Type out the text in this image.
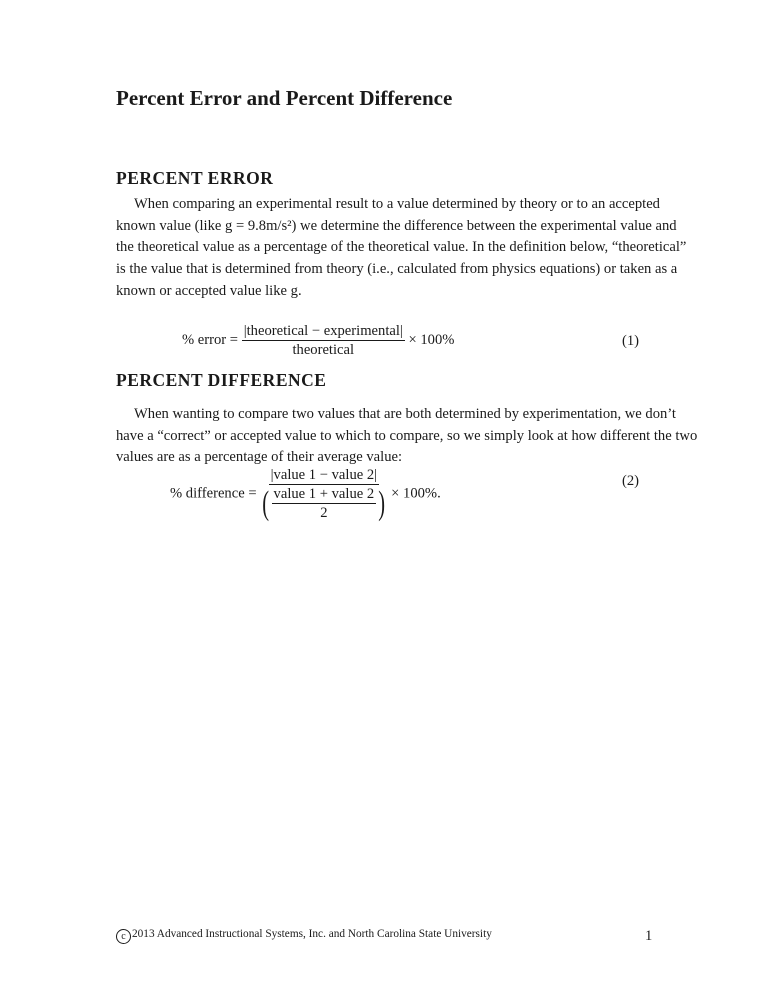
Percent Error and Percent Difference
PERCENT ERROR
When comparing an experimental result to a value determined by theory or to an accepted
known value (like g = 9.8m/s²) we determine the difference between the experimental value and
the theoretical value as a percentage of the theoretical value. In the definition below, “theoretical”
is the value that is determined from theory (i.e., calculated from physics equations) or taken as a
known or accepted value like g.
% error = $\frac{\text{|theoretical − experimental|}}{\text{theoretical}} \times 100\%$	(1)
PERCENT DIFFERENCE
When wanting to compare two values that are both determined by experimentation, we don’t
have a “correct” or accepted value to which to compare, so we simply look at how different the two
values are as a percentage of their average value:
% difference = $\frac{\text{|value 1 − value 2|}}{( \frac{\text{value 1 + value 2}}{2} )} \times 100\%$.
(2)
c 2013 Advanced Instructional Systems, Inc. and North Carolina State University	1
